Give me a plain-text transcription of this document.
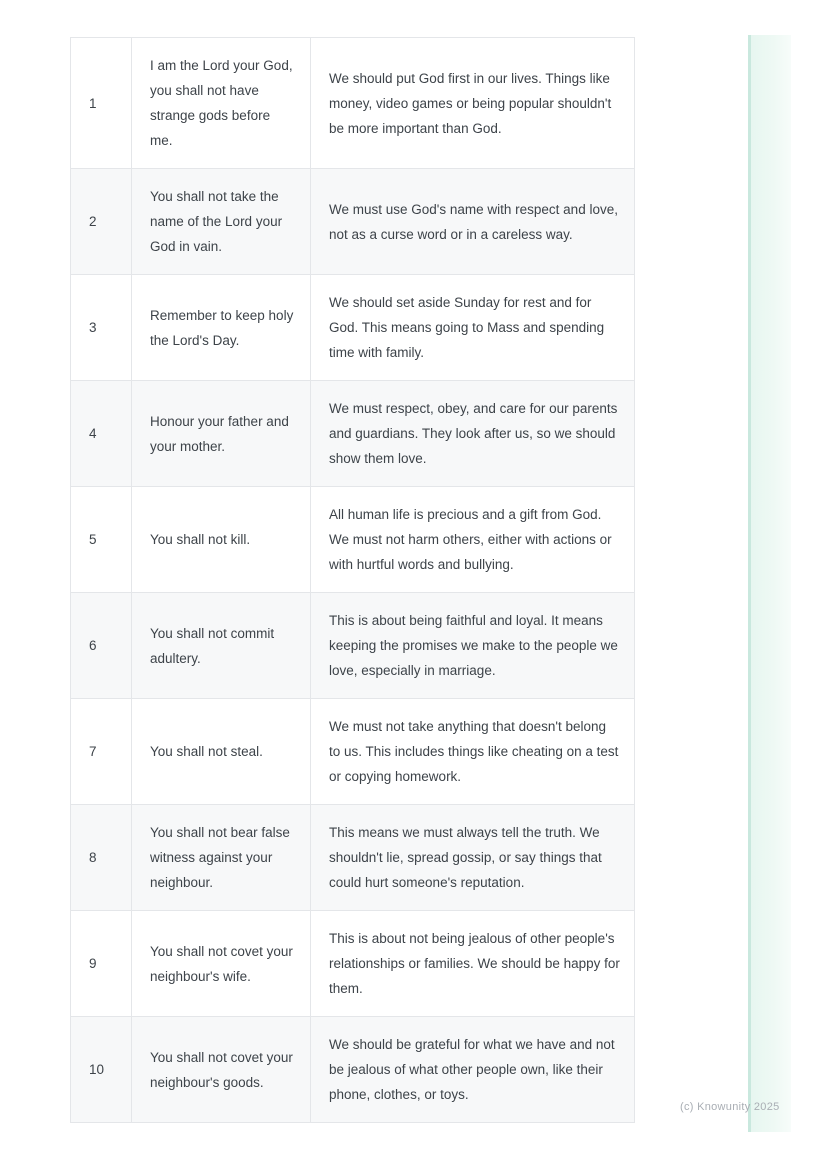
1	I am the Lord your God, you shall not have strange gods before me.	We should put God first in our lives. Things like money, video games or being popular shouldn't be more important than God.
2	You shall not take the name of the Lord your God in vain.	We must use God's name with respect and love, not as a curse word or in a careless way.
3	Remember to keep holy the Lord's Day.	We should set aside Sunday for rest and for God. This means going to Mass and spending time with family.
4	Honour your father and your mother.	We must respect, obey, and care for our parents and guardians. They look after us, so we should show them love.
5	You shall not kill.	All human life is precious and a gift from God. We must not harm others, either with actions or with hurtful words and bullying.
6	You shall not commit adultery.	This is about being faithful and loyal. It means keeping the promises we make to the people we love, especially in marriage.
7	You shall not steal.	We must not take anything that doesn't belong to us. This includes things like cheating on a test or copying homework.
8	You shall not bear false witness against your neighbour.	This means we must always tell the truth. We shouldn't lie, spread gossip, or say things that could hurt someone's reputation.
9	You shall not covet your neighbour's wife.	This is about not being jealous of other people's relationships or families. We should be happy for them.
10	You shall not covet your neighbour's goods.	We should be grateful for what we have and not be jealous of what other people own, like their phone, clothes, or toys.
(c) Knowunity 2025
